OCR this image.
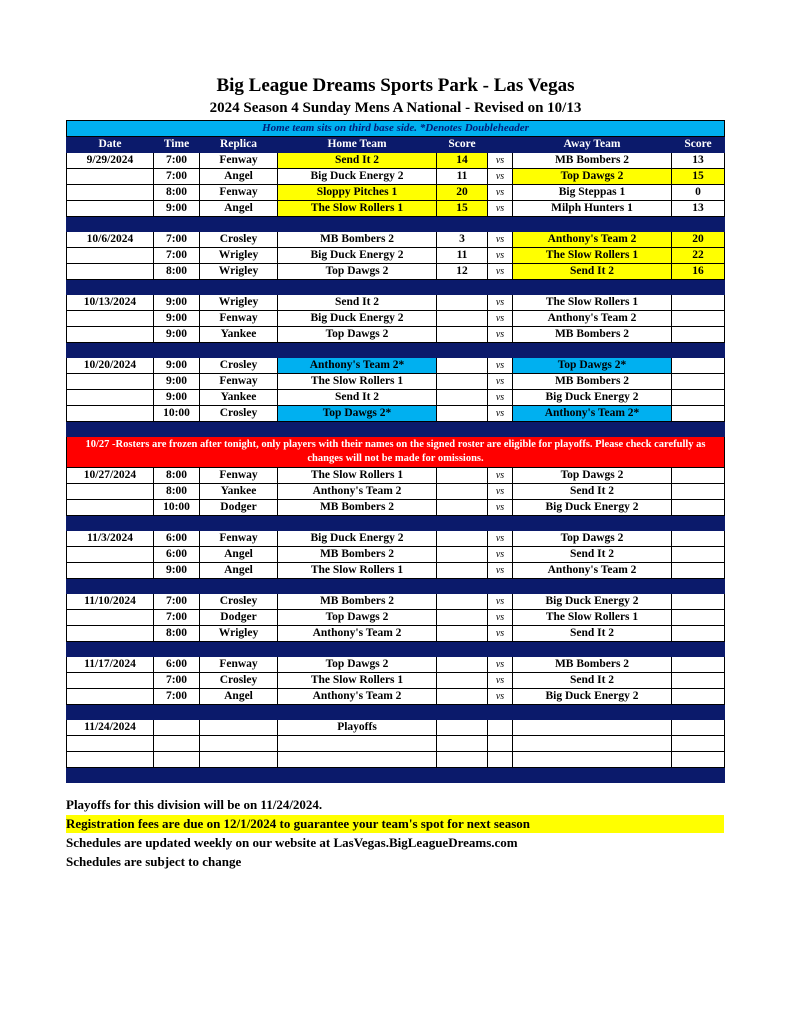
Big League Dreams Sports Park - Las Vegas
2024 Season 4 Sunday Mens A National - Revised on 10/13
Home team sits on third base side. *Denotes Doubleheader							
Date	Time	Replica	Home Team	Score		Away Team	Score
9/29/2024	7:00	Fenway	Send It 2	14	vs	MB Bombers 2	13
	7:00	Angel	Big Duck Energy 2	11	vs	Top Dawgs 2	15
	8:00	Fenway	Sloppy Pitches 1	20	vs	Big Steppas 1	0
	9:00	Angel	The Slow Rollers 1	15	vs	Milph Hunters 1	13

10/6/2024	7:00	Crosley	MB Bombers 2	3	vs	Anthony's Team 2	20
	7:00	Wrigley	Big Duck Energy 2	11	vs	The Slow Rollers 1	22
	8:00	Wrigley	Top Dawgs 2	12	vs	Send It 2	16

10/13/2024	9:00	Wrigley	Send It 2		vs	The Slow Rollers 1	
	9:00	Fenway	Big Duck Energy 2		vs	Anthony's Team 2	
	9:00	Yankee	Top Dawgs 2		vs	MB Bombers 2	

10/20/2024	9:00	Crosley	Anthony's Team 2*		vs	Top Dawgs 2*	
	9:00	Fenway	The Slow Rollers 1		vs	MB Bombers 2	
	9:00	Yankee	Send It 2		vs	Big Duck Energy 2	
	10:00	Crosley	Top Dawgs 2*		vs	Anthony's Team 2*	

10/27 -Rosters are frozen after tonight, only players with their names on the signed roster are eligible for playoffs. Please check carefully as changes will not be made for omissions.							
10/27/2024	8:00	Fenway	The Slow Rollers 1		vs	Top Dawgs 2	
	8:00	Yankee	Anthony's Team 2		vs	Send It 2	
	10:00	Dodger	MB Bombers 2		vs	Big Duck Energy 2	

11/3/2024	6:00	Fenway	Big Duck Energy 2		vs	Top Dawgs 2	
	6:00	Angel	MB Bombers 2		vs	Send It 2	
	9:00	Angel	The Slow Rollers 1		vs	Anthony's Team 2	

11/10/2024	7:00	Crosley	MB Bombers 2		vs	Big Duck Energy 2	
	7:00	Dodger	Top Dawgs 2		vs	The Slow Rollers 1	
	8:00	Wrigley	Anthony's Team 2		vs	Send It 2	

11/17/2024	6:00	Fenway	Top Dawgs 2		vs	MB Bombers 2	
	7:00	Crosley	The Slow Rollers 1		vs	Send It 2	
	7:00	Angel	Anthony's Team 2		vs	Big Duck Energy 2	

11/24/2024			Playoffs				

Playoffs for this division will be on 11/24/2024.
Registration fees are due on 12/1/2024 to guarantee your team's spot for next season
Schedules are updated weekly on our website at LasVegas.BigLeagueDreams.com
Schedules are subject to change
